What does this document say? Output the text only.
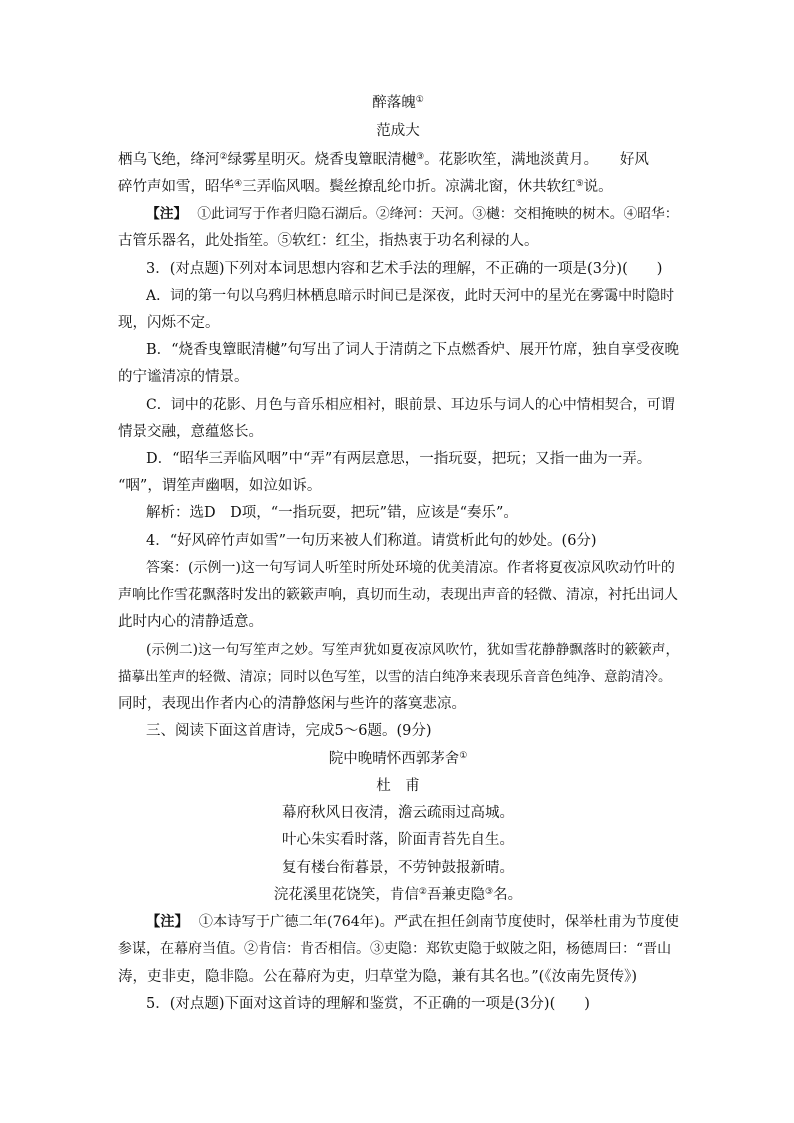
醉落魄①
范成大
栖乌飞绝，绛河②绿雾星明灭。烧香曳簟眠清樾③。花影吹笙，满地淡黄月。　　好风
碎竹声如雪，昭华④三弄临风咽。鬓丝撩乱纶巾折。凉满北窗，休共软红⑤说。
【注】 ①此词写于作者归隐石湖后。②绛河：天河。③樾：交相掩映的树木。④昭华：
古管乐器名，此处指笙。⑤软红：红尘，指热衷于功名利禄的人。
3．(对点题)下列对本词思想内容和艺术手法的理解，不正确的一项是(3分)(　　)
A．词的第一句以乌鸦归林栖息暗示时间已是深夜，此时天河中的星光在雾霭中时隐时
现，闪烁不定。
B．“烧香曳簟眠清樾”句写出了词人于清荫之下点燃香炉、展开竹席，独自享受夜晚
的宁谧清凉的情景。
C．词中的花影、月色与音乐相应相衬，眼前景、耳边乐与词人的心中情相契合，可谓
情景交融，意蕴悠长。
D．“昭华三弄临风咽”中“弄”有两层意思，一指玩耍，把玩；又指一曲为一弄。
“咽”，谓笙声幽咽，如泣如诉。
解析：选D　D项，“一指玩耍，把玩”错，应该是“奏乐”。
4．“好风碎竹声如雪”一句历来被人们称道。请赏析此句的妙处。(6分)
答案：(示例一)这一句写词人听笙时所处环境的优美清凉。作者将夏夜凉风吹动竹叶的
声响比作雪花飘落时发出的簌簌声响，真切而生动，表现出声音的轻微、清凉，衬托出词人
此时内心的清静适意。
(示例二)这一句写笙声之妙。写笙声犹如夏夜凉风吹竹，犹如雪花静静飘落时的簌簌声，
描摹出笙声的轻微、清凉；同时以色写笙，以雪的洁白纯净来表现乐音音色纯净、意韵清冷。
同时，表现出作者内心的清静悠闲与些许的落寞悲凉。
三、阅读下面这首唐诗，完成5～6题。(9分)
院中晚晴怀西郭茅舍①
杜　甫
幕府秋风日夜清，澹云疏雨过高城。
叶心朱实看时落，阶面青苔先自生。
复有楼台衔暮景，不劳钟鼓报新晴。
浣花溪里花饶笑，肯信②吾兼吏隐③名。
【注】 ①本诗写于广德二年(764年)。严武在担任剑南节度使时，保举杜甫为节度使
参谋，在幕府当值。②肯信：肯否相信。③吏隐：郑钦吏隐于蚁陂之阳，杨德周曰：“晋山
涛，吏非吏，隐非隐。公在幕府为吏，归草堂为隐，兼有其名也。”(《汝南先贤传》)
5．(对点题)下面对这首诗的理解和鉴赏，不正确的一项是(3分)(　　)
